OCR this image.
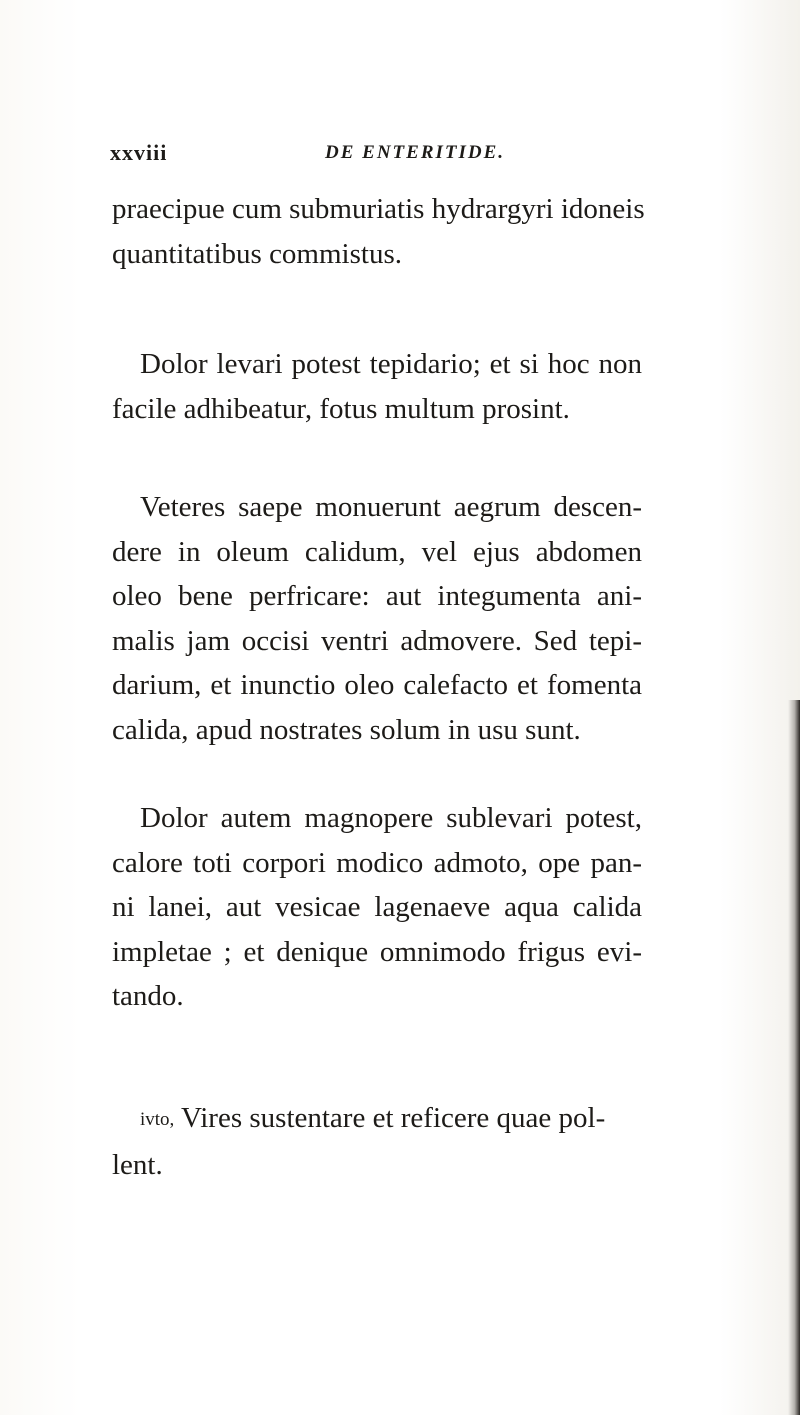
xxviii	DE ENTERITIDE.
praecipue cum submuriatis hydrargyri idoneis
quantitatibus commistus.
Dolor levari potest tepidario; et si hoc non
facile adhibeatur, fotus multum prosint.
Veteres saepe monuerunt aegrum descen-
dere in oleum calidum, vel ejus abdomen
oleo bene perfricare: aut integumenta ani-
malis jam occisi ventri admovere. Sed tepi-
darium, et inunctio oleo calefacto et fomenta
calida, apud nostrates solum in usu sunt.
Dolor autem magnopere sublevari potest,
calore toti corpori modico admoto, ope pan-
ni lanei, aut vesicae lagenaeve aqua calida
impletae ; et denique omnimodo frigus evi-
tando.
ivto, Vires sustentare et reficere quae pol-
lent.
